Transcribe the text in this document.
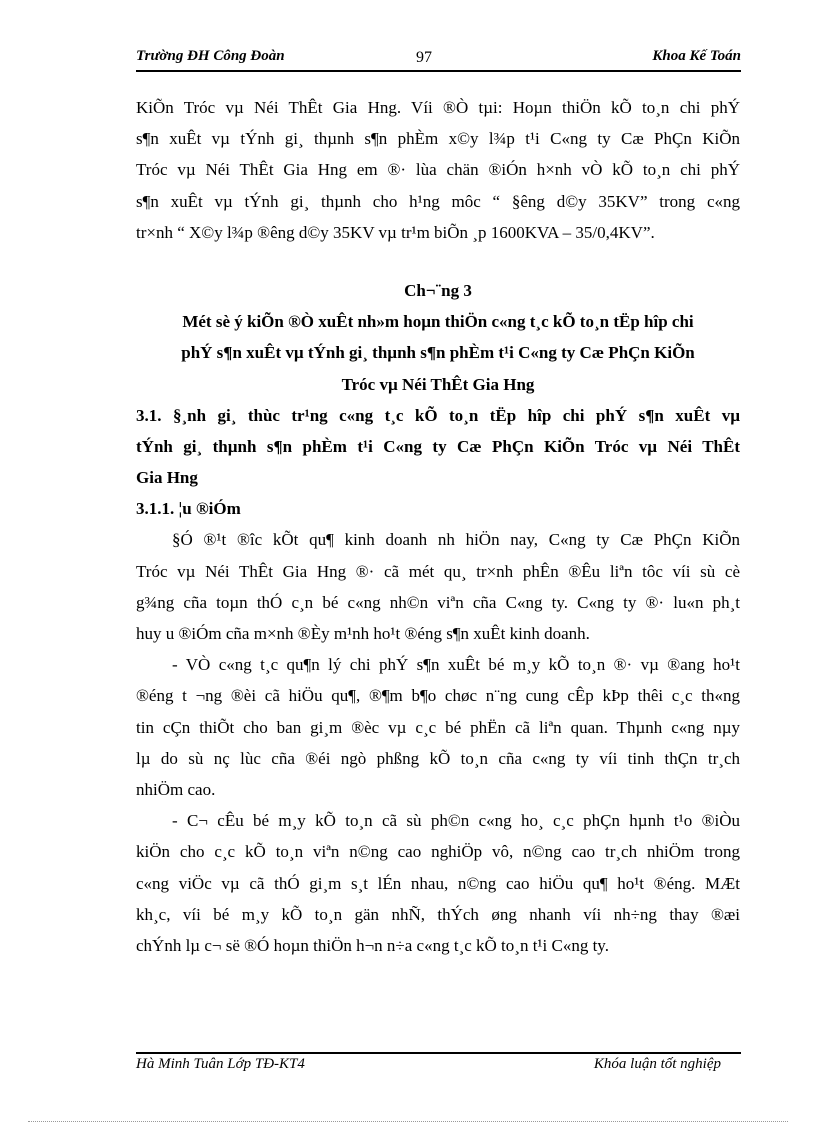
Trường ĐH Công Đoàn	97	Khoa Kế Toán
KiÕn Tróc vµ Néi ThÊt Gia Hng. Víi ®Ò tµi: Hoµn thiÖn kÕ to¸n chi phÝ
s¶n xuÊt vµ tÝnh gi¸ thµnh s¶n phÈm x©y l¾p t¹i C«ng ty Cæ PhÇn KiÕn
Tróc vµ Néi ThÊt Gia Hng em ®· lùa chän ®iÓn h×nh vÒ kÕ to¸n chi phÝ
s¶n xuÊt vµ tÝnh gi¸ thµnh cho h¹ng môc “ §êng d©y 35KV” trong c«ng
tr×nh “ X©y l¾p ®êng d©y 35KV vµ tr¹m biÕn ¸p 1600KVA – 35/0,4KV”.
Ch¬¨ng 3
Mét sè ý kiÕn ®Ò xuÊt nh»m hoµn thiÖn c«ng t¸c kÕ to¸n tËp hîp chi
phÝ s¶n xuÊt vµ tÝnh gi¸ thµnh s¶n phÈm t¹i C«ng ty Cæ PhÇn KiÕn
Tróc vµ Néi ThÊt Gia Hng
3.1. §¸nh gi¸ thùc tr¹ng c«ng t¸c kÕ to¸n tËp hîp chi phÝ s¶n xuÊt vµ
tÝnh gi¸ thµnh s¶n phÈm t¹i C«ng ty Cæ PhÇn KiÕn Tróc vµ Néi ThÊt
Gia Hng
3.1.1. ¦u ®iÓm
§Ó ®¹t ®îc kÕt qu¶ kinh doanh nh hiÖn nay, C«ng ty Cæ PhÇn KiÕn
Tróc vµ Néi ThÊt Gia Hng ®· cã mét qu¸ tr×nh phÊn ®Êu liªn tôc víi sù cè
g¾ng cña toµn thÓ c¸n bé c«ng nh©n viªn cña C«ng ty. C«ng ty ®· lu«n ph¸t
huy u ®iÓm cña m×nh ®Èy m¹nh ho¹t ®éng s¶n xuÊt kinh doanh.
- VÒ c«ng t¸c qu¶n lý chi phÝ s¶n xuÊt bé m¸y kÕ to¸n ®· vµ ®ang ho¹t
®éng t ¬ng ®èi cã hiÖu qu¶, ®¶m b¶o chøc n¨ng cung cÊp kÞp thêi c¸c th«ng
tin cÇn thiÕt cho ban gi¸m ®èc vµ c¸c bé phËn cã liªn quan. Thµnh c«ng nµy
lµ do sù nç lùc cña ®éi ngò phßng kÕ to¸n cña c«ng ty víi tinh thÇn tr¸ch
nhiÖm cao.
- C¬ cÊu bé m¸y kÕ to¸n cã sù ph©n c«ng ho¸ c¸c phÇn hµnh t¹o ®iÒu
kiÖn cho c¸c kÕ to¸n viªn n©ng cao nghiÖp vô, n©ng cao tr¸ch nhiÖm trong
c«ng viÖc vµ cã thÓ gi¸m s¸t lÉn nhau, n©ng cao hiÖu qu¶ ho¹t ®éng. MÆt
kh¸c, víi bé m¸y kÕ to¸n gän nhÑ, thÝch øng nhanh víi nh÷ng thay ®æi
chÝnh lµ c¬ së ®Ó hoµn thiÖn h¬n n÷a c«ng t¸c kÕ to¸n t¹i C«ng ty.
Hà Minh Tuân Lớp TĐ-KT4	Khóa luận tốt nghiệp
